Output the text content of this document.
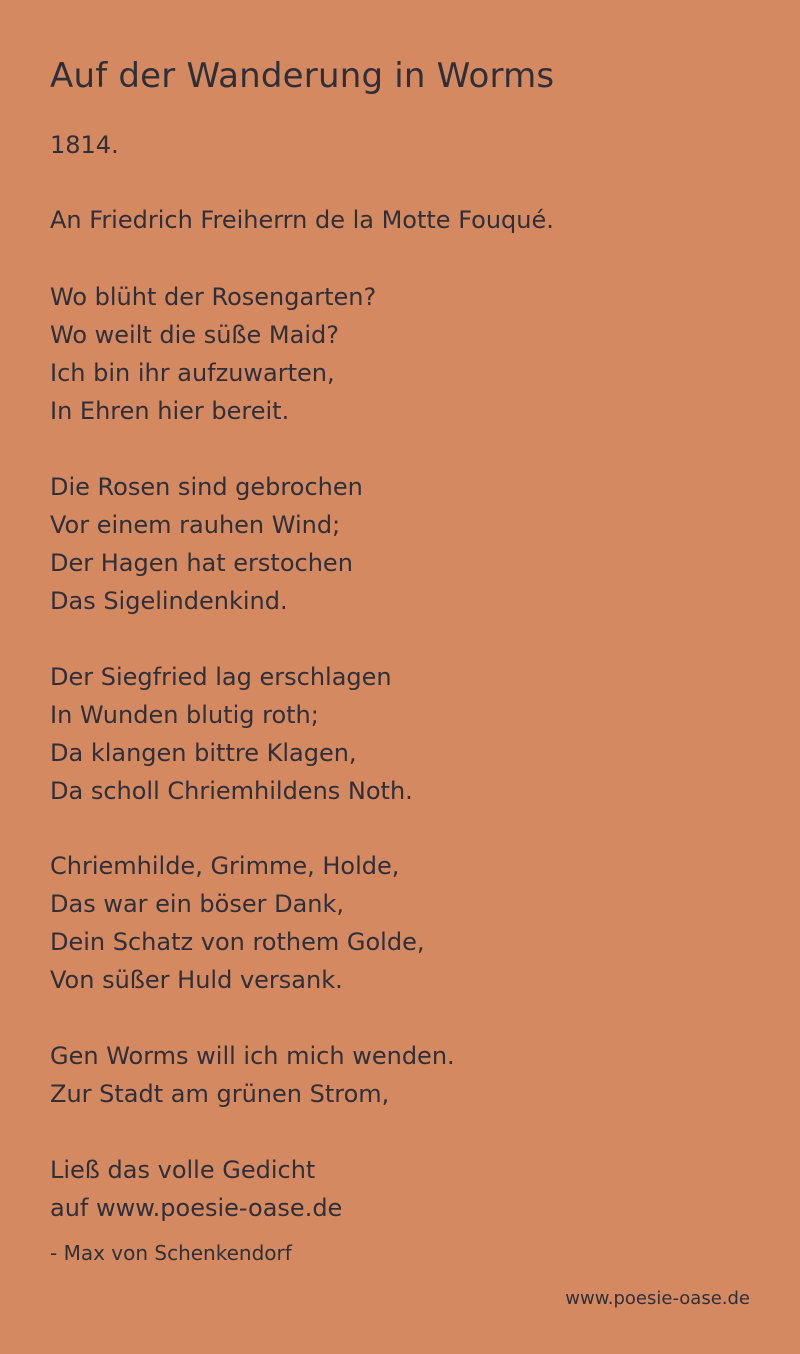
Auf der Wanderung in Worms
1814.
An Friedrich Freiherrn de la Motte Fouqué.
Wo blüht der Rosengarten?
Wo weilt die süße Maid?
Ich bin ihr aufzuwarten,
In Ehren hier bereit.
Die Rosen sind gebrochen
Vor einem rauhen Wind;
Der Hagen hat erstochen
Das Sigelindenkind.
Der Siegfried lag erschlagen
In Wunden blutig roth;
Da klangen bittre Klagen,
Da scholl Chriemhildens Noth.
Chriemhilde, Grimme, Holde,
Das war ein böser Dank,
Dein Schatz von rothem Golde,
Von süßer Huld versank.
Gen Worms will ich mich wenden.
Zur Stadt am grünen Strom,
Ließ das volle Gedicht
auf www.poesie-oase.de
- Max von Schenkendorf
www.poesie-oase.de
